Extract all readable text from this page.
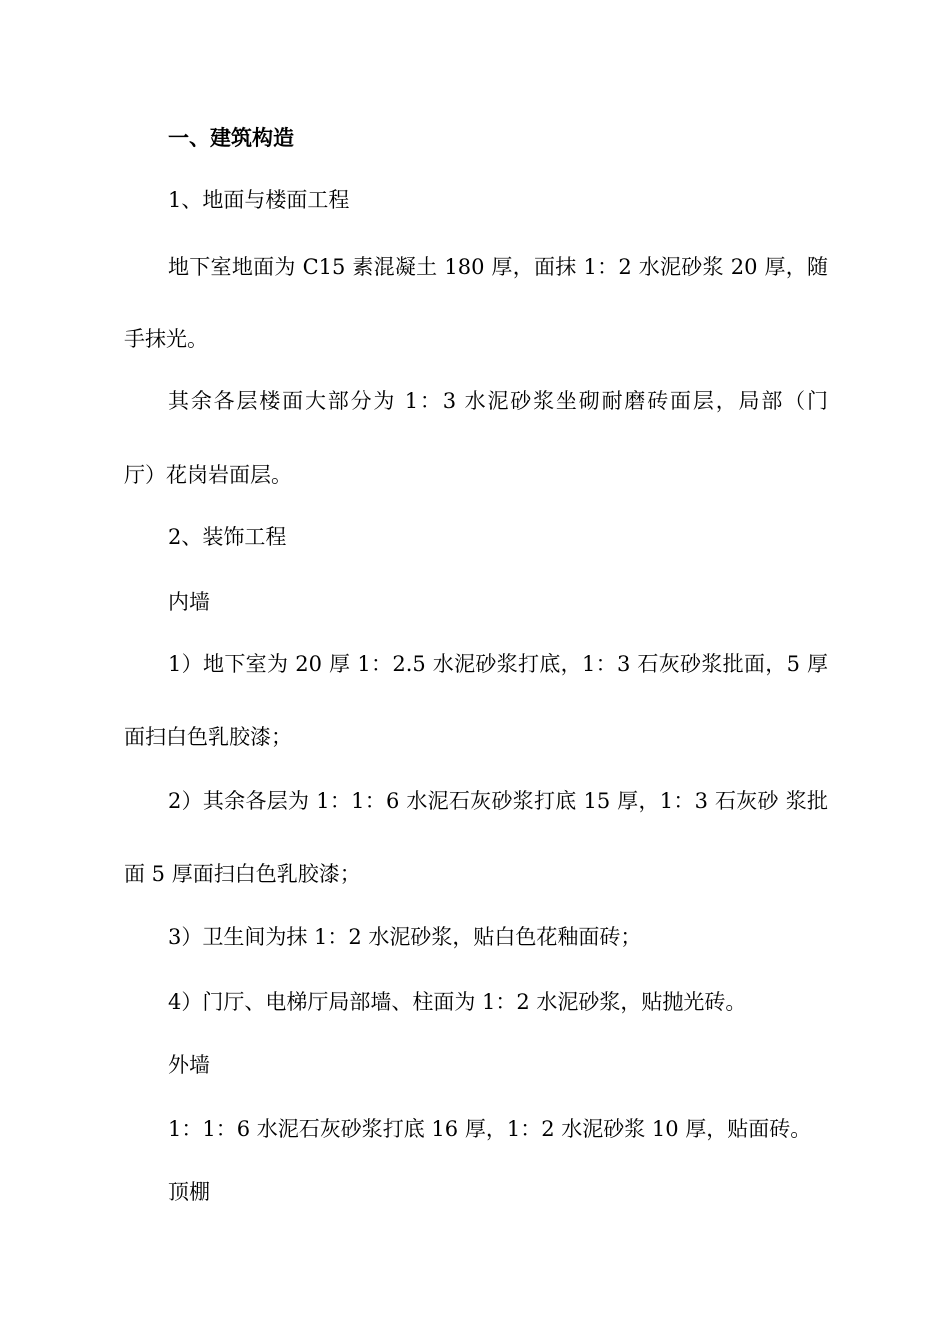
一、建筑构造
1、地面与楼面工程
地下室地面为 C15 素混凝土 180 厚，面抹 1：2 水泥砂浆 20 厚，随
手抹光。
其余各层楼面大部分为 1：3 水泥砂浆坐砌耐磨砖面层，局部（门
厅）花岗岩面层。
2、装饰工程
内墙
1）地下室为 20 厚 1：2.5 水泥砂浆打底，1：3 石灰砂浆批面，5 厚
面扫白色乳胶漆；
2）其余各层为 1：1：6 水泥石灰砂浆打底 15 厚，1：3 石灰砂 浆批
面 5 厚面扫白色乳胶漆；
3）卫生间为抹 1：2 水泥砂浆，贴白色花釉面砖；
4）门厅、电梯厅局部墙、柱面为 1：2 水泥砂浆，贴抛光砖。
外墙
1：1：6 水泥石灰砂浆打底 16 厚，1：2 水泥砂浆 10 厚，贴面砖。
顶棚
